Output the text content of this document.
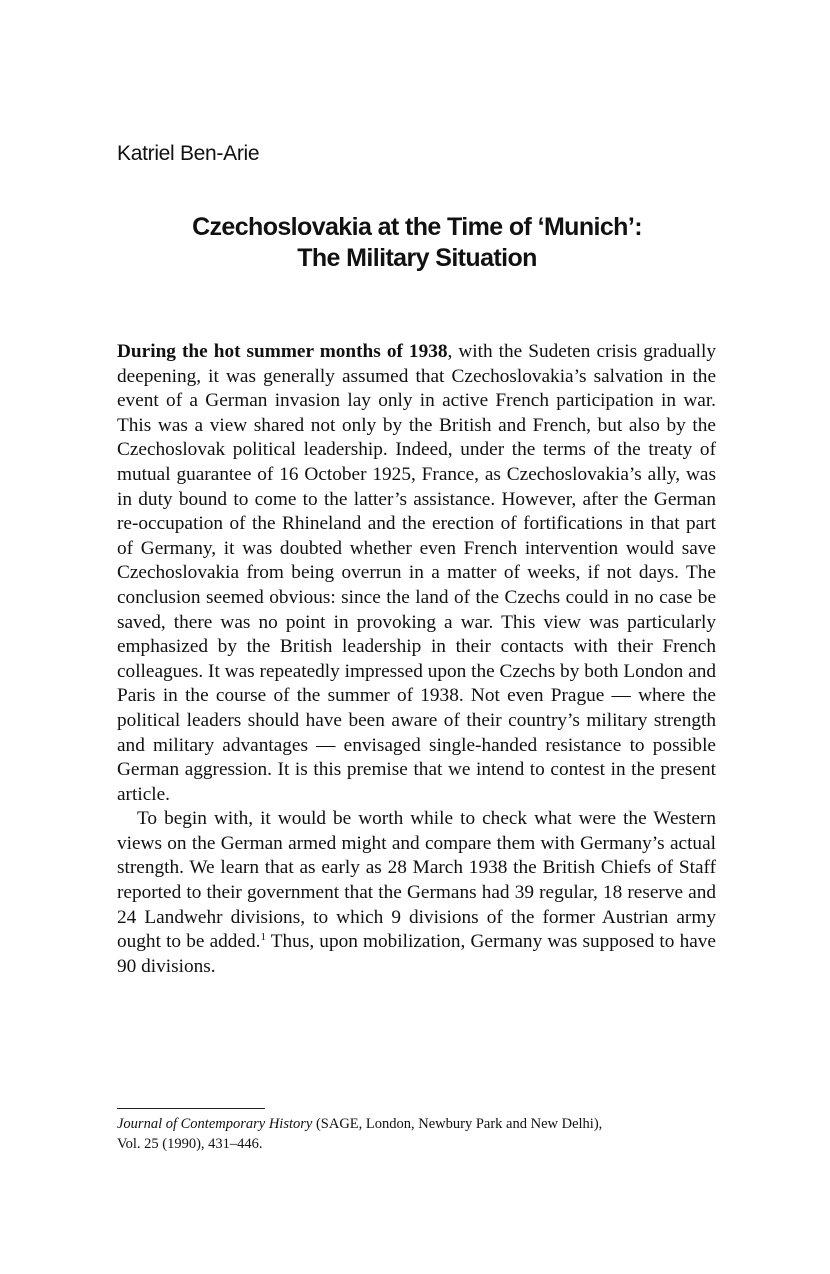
Katriel Ben-Arie
Czechoslovakia at the Time of ‘Munich’:
The Military Situation

During the hot summer months of 1938, with the Sudeten crisis gradually deepening, it was generally assumed that Czechoslovakia’s salvation in the event of a German invasion lay only in active French participation in war. This was a view shared not only by the British and French, but also by the Czechoslovak political leadership. Indeed, under the terms of the treaty of mutual guarantee of 16 October 1925, France, as Czechoslovakia’s ally, was in duty bound to come to the latter’s assistance. However, after the German re-occupation of the Rhineland and the erection of fortifications in that part of Germany, it was doubted whether even French intervention would save Czechoslovakia from being overrun in a matter of weeks, if not days. The conclusion seemed obvious: since the land of the Czechs could in no case be saved, there was no point in provoking a war. This view was particularly emphasized by the British leadership in their contacts with their French colleagues. It was repeatedly impressed upon the Czechs by both London and Paris in the course of the summer of 1938. Not even Prague — where the political leaders should have been aware of their country’s military strength and military advantages — envisaged single-handed resistance to possible German aggression. It is this premise that we intend to contest in the present article.

To begin with, it would be worth while to check what were the Western views on the German armed might and compare them with Germany’s actual strength. We learn that as early as 28 March 1938 the British Chiefs of Staff reported to their government that the Germans had 39 regular, 18 reserve and 24 Landwehr divisions, to which 9 divisions of the former Austrian army ought to be added.$^1$ Thus, upon mobilization, Germany was supposed to have 90 divisions.

Journal of Contemporary History (SAGE, London, Newbury Park and New Delhi),
Vol. 25 (1990), 431–446.
